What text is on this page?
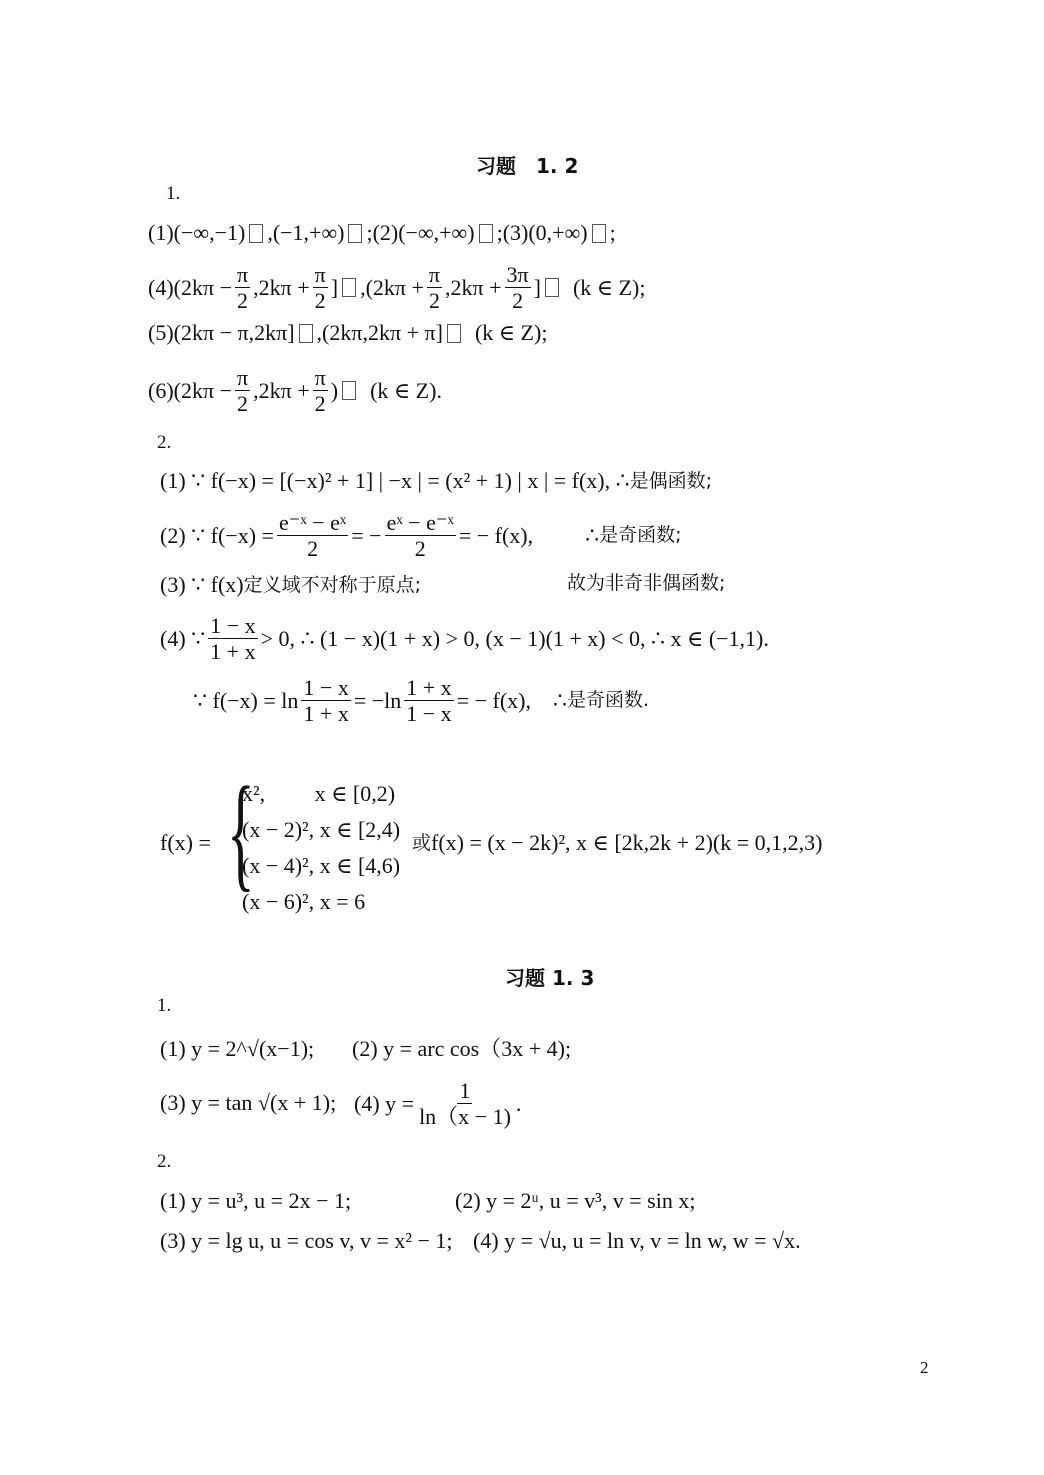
习题　1. 2
1.
(1)(−∞,−1) ,(−1,+∞) ;(2)(−∞,+∞) ;(3)(0,+∞) ;
$(4)(2k\pi - \frac{\pi}{2} ,2k\pi + \frac{\pi}{2}$ ] $,(2k\pi + \frac{\pi}{2} ,2k\pi + \frac{3\pi}{2}$ ] (k ∈ Z);
(5)(2kπ − π,2kπ] ,(2kπ,2kπ + π] (k ∈ Z);
$(6)(2k\pi - \frac{\pi}{2} ,2k\pi + \frac{\pi}{2}$ ) (k ∈ Z).
2.
(1) ∵ f(−x) = [(−x)² + 1] | −x | = (x² + 1) | x | = f(x), ∴ 是偶函数;
(2) ∵ $f(-x) = \frac{\text{e⁻ˣ − eˣ}}{2}$ = − $\frac{\text{eˣ − e⁻ˣ}}{2}$ = − f(x), ∴ 是奇函数;
(3) ∵ f(x) 定义域不对称于原点;	故为非奇非偶函数;
(4) ∵ $\frac{1 - x}{1 + x} > 0$, ∴ (1 − x)(1 + x) > 0, (x − 1)(1 + x) < 0, ∴ x ∈ (−1,1).
∵ $f(-x) = \ln \frac{1 - x}{1 + x} = -\ln \frac{1 + x}{1 - x}$ = − f(x), ∴ 是奇函数.
f(x) = {
x²,　　 x ∈ [0,2)
(x − 2)², x ∈ [2,4)
(x − 4)², x ∈ [4,6)
(x − 6)², x = 6
或 f(x) = (x − 2k)², x ∈ [2k,2k + 2)(k = 0,1,2,3)
习题 1. 3
1.
(1) y = 2^√(x−1); (2) y = arc cos（3x + 4);
(3) y = tan √(x + 1); (4) $y = \frac{1}{\ln(x - 1)}$ .
2.
(1) y = u³, u = 2x − 1;	(2) y = 2ᵘ, u = v³, v = sin x;
(3) y = lg u, u = cos v, v = x² − 1; (4) y = √u, u = ln v, v = ln w, w = √x.
2
